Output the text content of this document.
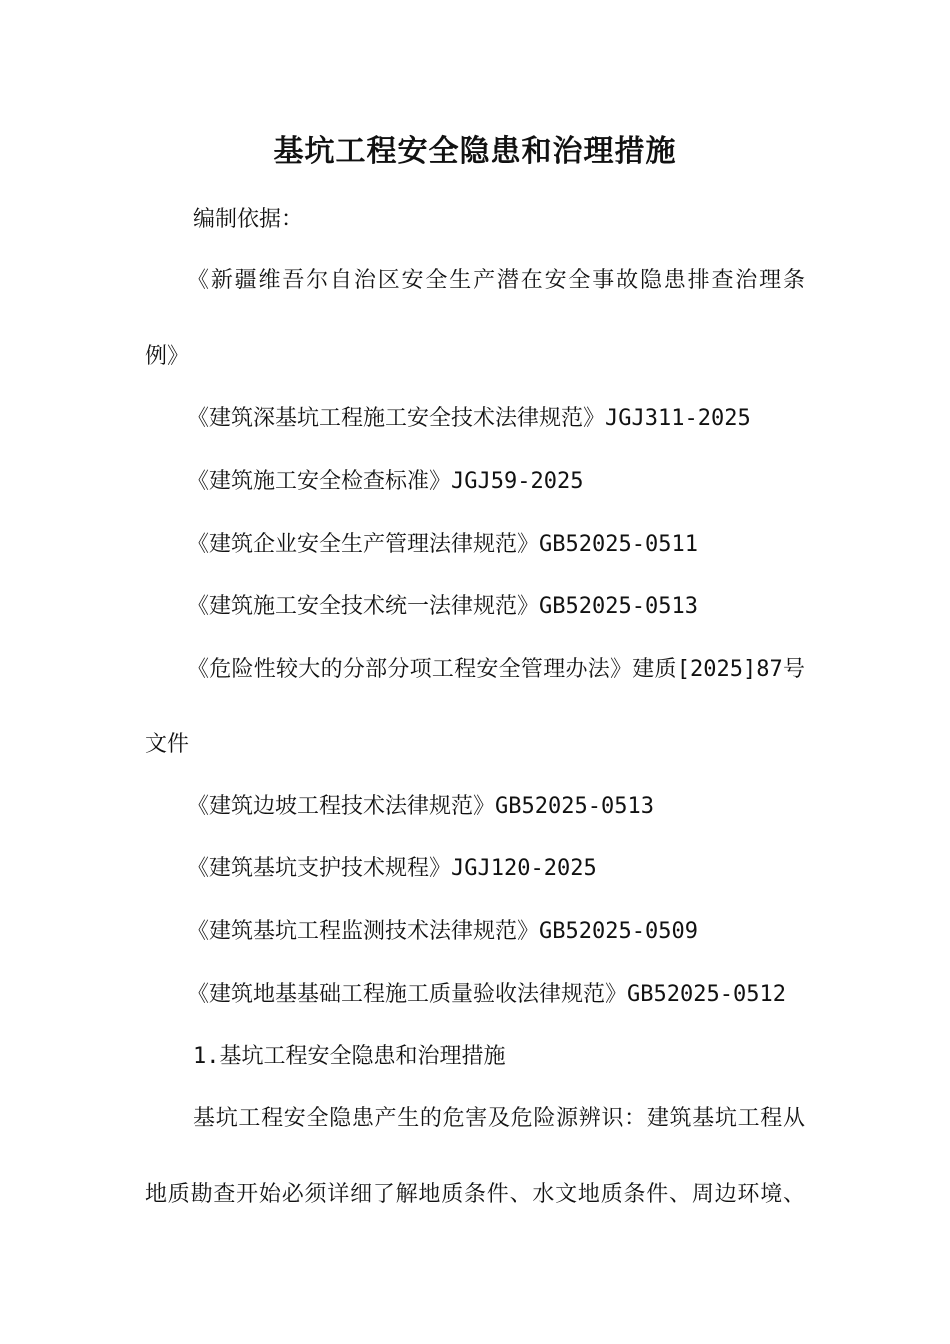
基坑工程安全隐患和治理措施

编制依据：

《新疆维吾尔自治区安全生产潜在安全事故隐患排查治理条

例》

《建筑深基坑工程施工安全技术法律规范》JGJ311-2025

《建筑施工安全检查标准》JGJ59-2025

《建筑企业安全生产管理法律规范》GB52025-0511

《建筑施工安全技术统一法律规范》GB52025-0513

《危险性较大的分部分项工程安全管理办法》建质[2025]87号

文件

《建筑边坡工程技术法律规范》GB52025-0513

《建筑基坑支护技术规程》JGJ120-2025

《建筑基坑工程监测技术法律规范》GB52025-0509

《建筑地基基础工程施工质量验收法律规范》GB52025-0512

1.基坑工程安全隐患和治理措施

基坑工程安全隐患产生的危害及危险源辨识：建筑基坑工程从

地质勘查开始必须详细了解地质条件、水文地质条件、周边环境、
